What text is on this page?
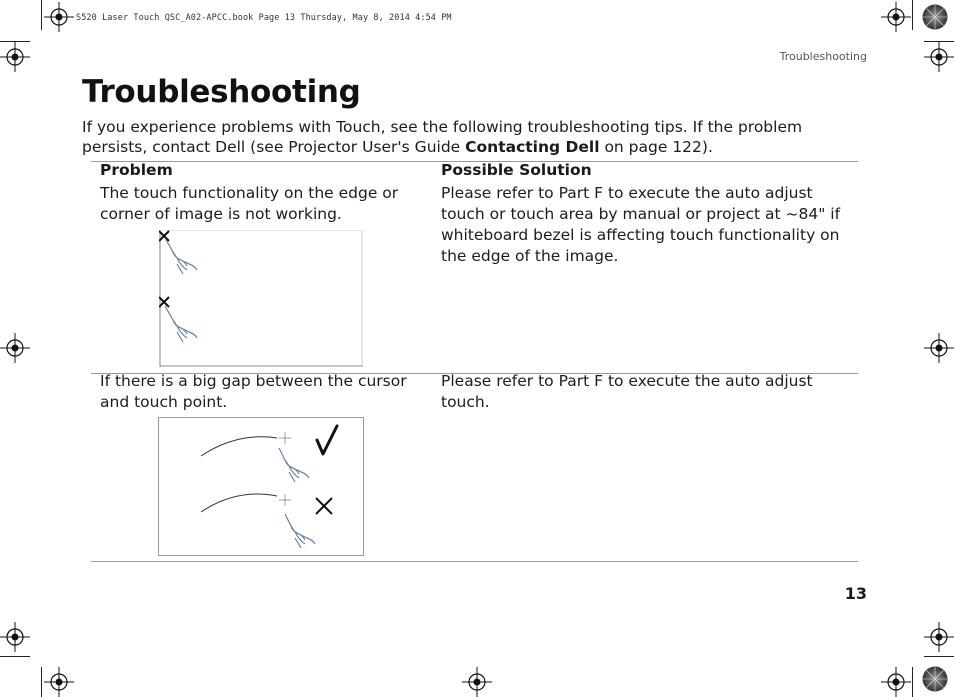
S520 Laser Touch QSC_A02-APCC.book Page 13 Thursday, May 8, 2014 4:54 PM
Troubleshooting
Troubleshooting
If you experience problems with Touch, see the following troubleshooting tips. If the problem persists, contact Dell (see Projector User's Guide Contacting Dell on page 122).
Problem	Possible Solution
The touch functionality on the edge or corner of image is not working.
Please refer to Part F to execute the auto adjust touch or touch area by manual or project at ~84" if whiteboard bezel is affecting touch functionality on the edge of the image.
If there is a big gap between the cursor and touch point.
Please refer to Part F to execute the auto adjust touch.
13
